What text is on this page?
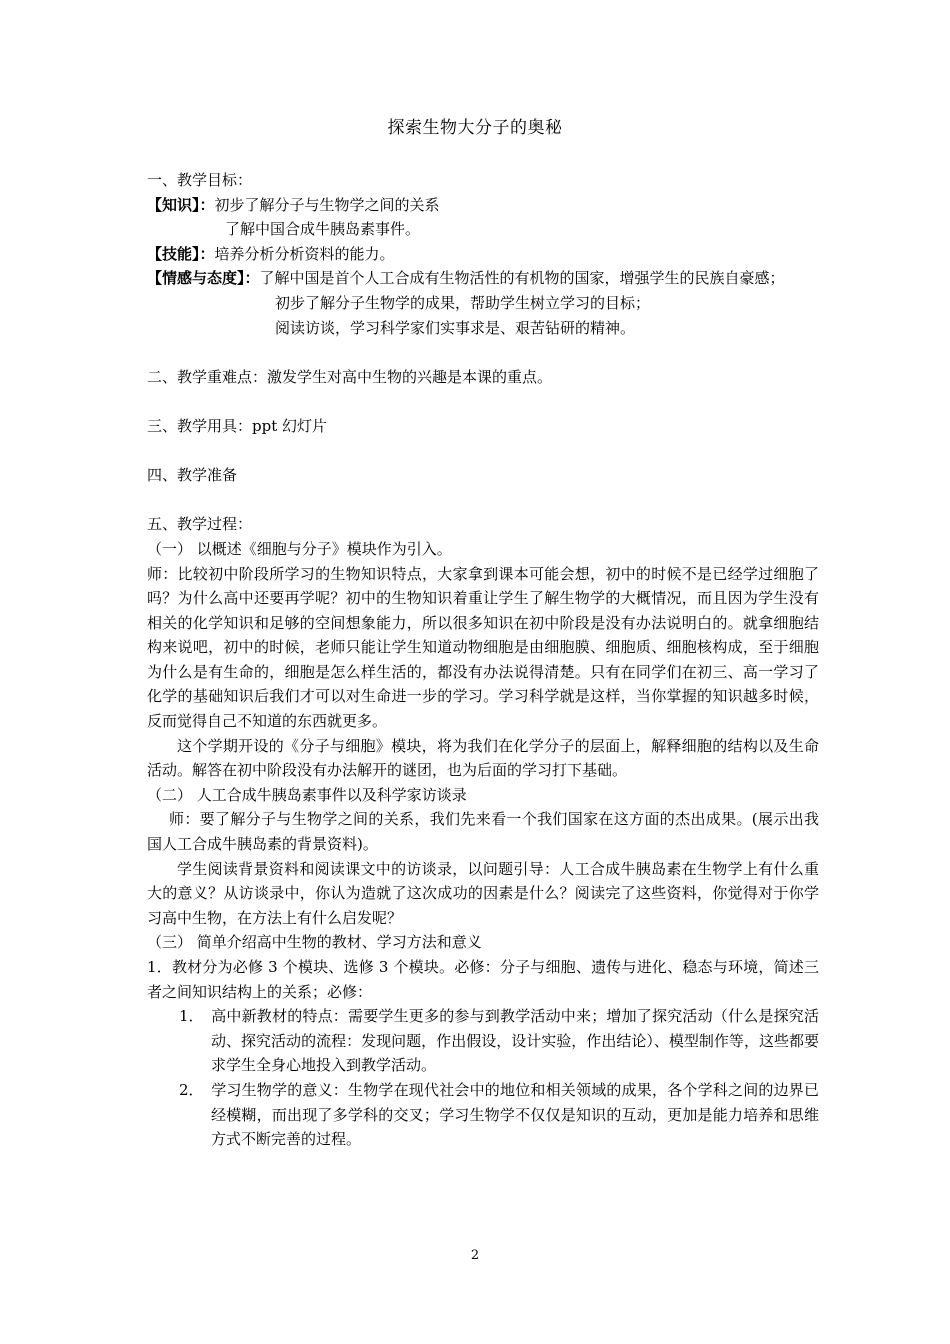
探索生物大分子的奥秘

一、教学目标：

【知识】：初步了解分子与生物学之间的关系

了解中国合成牛胰岛素事件。

【技能】：培养分析分析资料的能力。

【情感与态度】：了解中国是首个人工合成有生物活性的有机物的国家，增强学生的民族自豪感；

初步了解分子生物学的成果，帮助学生树立学习的目标；

阅读访谈，学习科学家们实事求是、艰苦钻研的精神。

二、教学重难点：激发学生对高中生物的兴趣是本课的重点。

三、教学用具：ppt 幻灯片

四、教学准备

五、教学过程：

（一） 以概述《细胞与分子》模块作为引入。

师：比较初中阶段所学习的生物知识特点，大家拿到课本可能会想，初中的时候不是已经学过细胞了吗？为什么高中还要再学呢？初中的生物知识着重让学生了解生物学的大概情况，而且因为学生没有相关的化学知识和足够的空间想象能力，所以很多知识在初中阶段是没有办法说明白的。就拿细胞结构来说吧，初中的时候，老师只能让学生知道动物细胞是由细胞膜、细胞质、细胞核构成，至于细胞为什么是有生命的，细胞是怎么样生活的，都没有办法说得清楚。只有在同学们在初三、高一学习了化学的基础知识后我们才可以对生命进一步的学习。学习科学就是这样，当你掌握的知识越多时候，反而觉得自己不知道的东西就更多。

这个学期开设的《分子与细胞》模块，将为我们在化学分子的层面上，解释细胞的结构以及生命活动。解答在初中阶段没有办法解开的谜团，也为后面的学习打下基础。

（二） 人工合成牛胰岛素事件以及科学家访谈录

师：要了解分子与生物学之间的关系，我们先来看一个我们国家在这方面的杰出成果。(展示出我国人工合成牛胰岛素的背景资料)。

学生阅读背景资料和阅读课文中的访谈录，以问题引导：人工合成牛胰岛素在生物学上有什么重大的意义？从访谈录中，你认为造就了这次成功的因素是什么？阅读完了这些资料，你觉得对于你学习高中生物，在方法上有什么启发呢？

（三） 简单介绍高中生物的教材、学习方法和意义

1．教材分为必修 3 个模块、选修 3 个模块。必修：分子与细胞、遗传与进化、稳态与环境，简述三者之间知识结构上的关系；必修：

1． 高中新教材的特点：需要学生更多的参与到教学活动中来；增加了探究活动（什么是探究活动、探究活动的流程：发现问题，作出假设，设计实验，作出结论）、模型制作等，这些都要求学生全身心地投入到教学活动。

2． 学习生物学的意义：生物学在现代社会中的地位和相关领域的成果，各个学科之间的边界已经模糊，而出现了多学科的交叉；学习生物学不仅仅是知识的互动，更加是能力培养和思维方式不断完善的过程。

2
